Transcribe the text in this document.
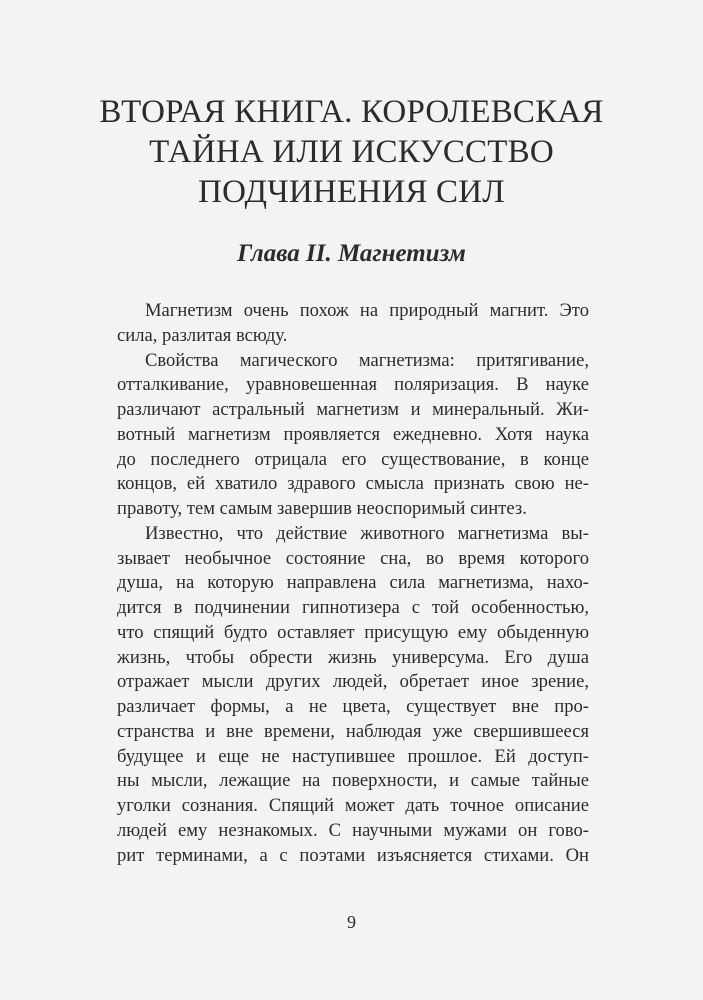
ВТОРАЯ КНИГА. КОРОЛЕВСКАЯ
ТАЙНА ИЛИ ИСКУССТВО
ПОДЧИНЕНИЯ СИЛ
Глава II. Магнетизм
Магнетизм очень похож на природный магнит. Это
сила, разлитая всюду.
Свойства магического магнетизма: притягивание,
отталкивание, уравновешенная поляризация. В науке
различают астральный магнетизм и минеральный. Жи-
вотный магнетизм проявляется ежедневно. Хотя наука
до последнего отрицала его существование, в конце
концов, ей хватило здравого смысла признать свою не-
правоту, тем самым завершив неоспоримый синтез.
Известно, что действие животного магнетизма вы-
зывает необычное состояние сна, во время которого
душа, на которую направлена сила магнетизма, нахо-
дится в подчинении гипнотизера с той особенностью,
что спящий будто оставляет присущую ему обыденную
жизнь, чтобы обрести жизнь универсума. Его душа
отражает мысли других людей, обретает иное зрение,
различает формы, а не цвета, существует вне про-
странства и вне времени, наблюдая уже свершившееся
будущее и еще не наступившее прошлое. Ей доступ-
ны мысли, лежащие на поверхности, и самые тайные
уголки сознания. Спящий может дать точное описание
людей ему незнакомых. С научными мужами он гово-
рит терминами, а с поэтами изъясняется стихами. Он
9
